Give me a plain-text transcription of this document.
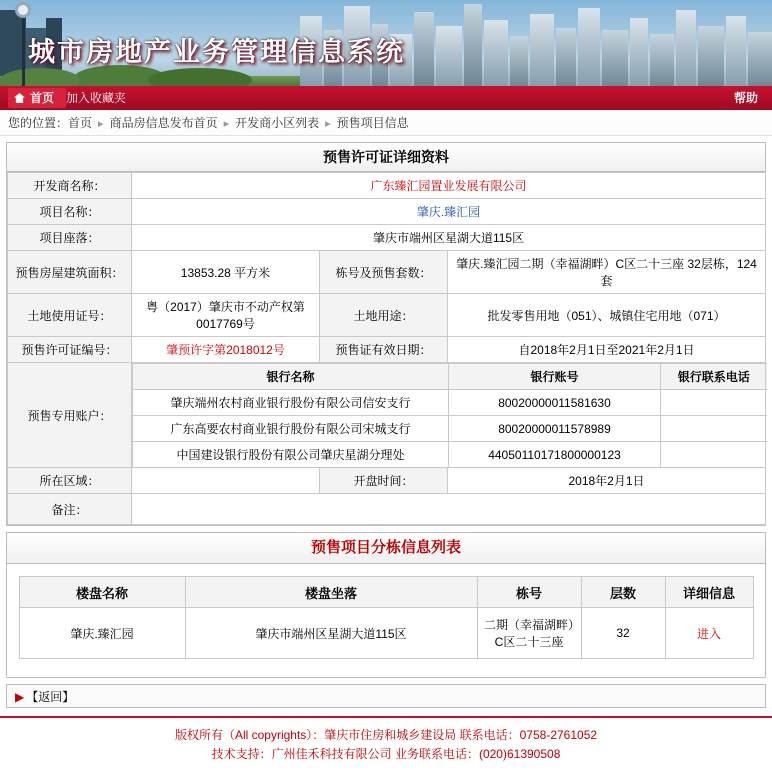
城市房地产业务管理信息系统
首页 加入收藏夹	帮助
您的位置：首页 ▸ 商品房信息发布首页 ▸ 开发商小区列表 ▸ 预售项目信息
预售许可证详细资料
开发商名称：	广东臻汇园置业发展有限公司
项目名称：	肇庆.臻汇园
项目座落：	肇庆市端州区星湖大道115区
预售房屋建筑面积：	13853.28 平方米	栋号及预售套数：	肇庆.臻汇园二期（幸福湖畔）C区二十三座 32层栋，124套
土地使用证号：	粤（2017）肇庆市不动产权第0017769号	土地用途：	批发零售用地（051）、城镇住宅用地（071）
预售许可证编号：	肇预许字第2018012号	预售证有效日期：	自2018年2月1日至2021年2月1日
预售专用账户：	
银行名称	银行账号	银行联系电话
肇庆端州农村商业银行股份有限公司信安支行	80020000011581630	
广东高要农村商业银行股份有限公司宋城支行	80020000011578989	
中国建设银行股份有限公司肇庆星湖分理处	44050110171800000123	

所在区域：		开盘时间：	2018年2月1日
备注：	
预售项目分栋信息列表
楼盘名称	楼盘坐落	栋号	层数	详细信息
肇庆.臻汇园	肇庆市端州区星湖大道115区	二期（幸福湖畔）C区二十三座	32	进入
▶ 【返回】
版权所有（All copyrights）：肇庆市住房和城乡建设局 联系电话：0758-2761052
技术支持：广州佳禾科技有限公司 业务联系电话：(020)61390508
